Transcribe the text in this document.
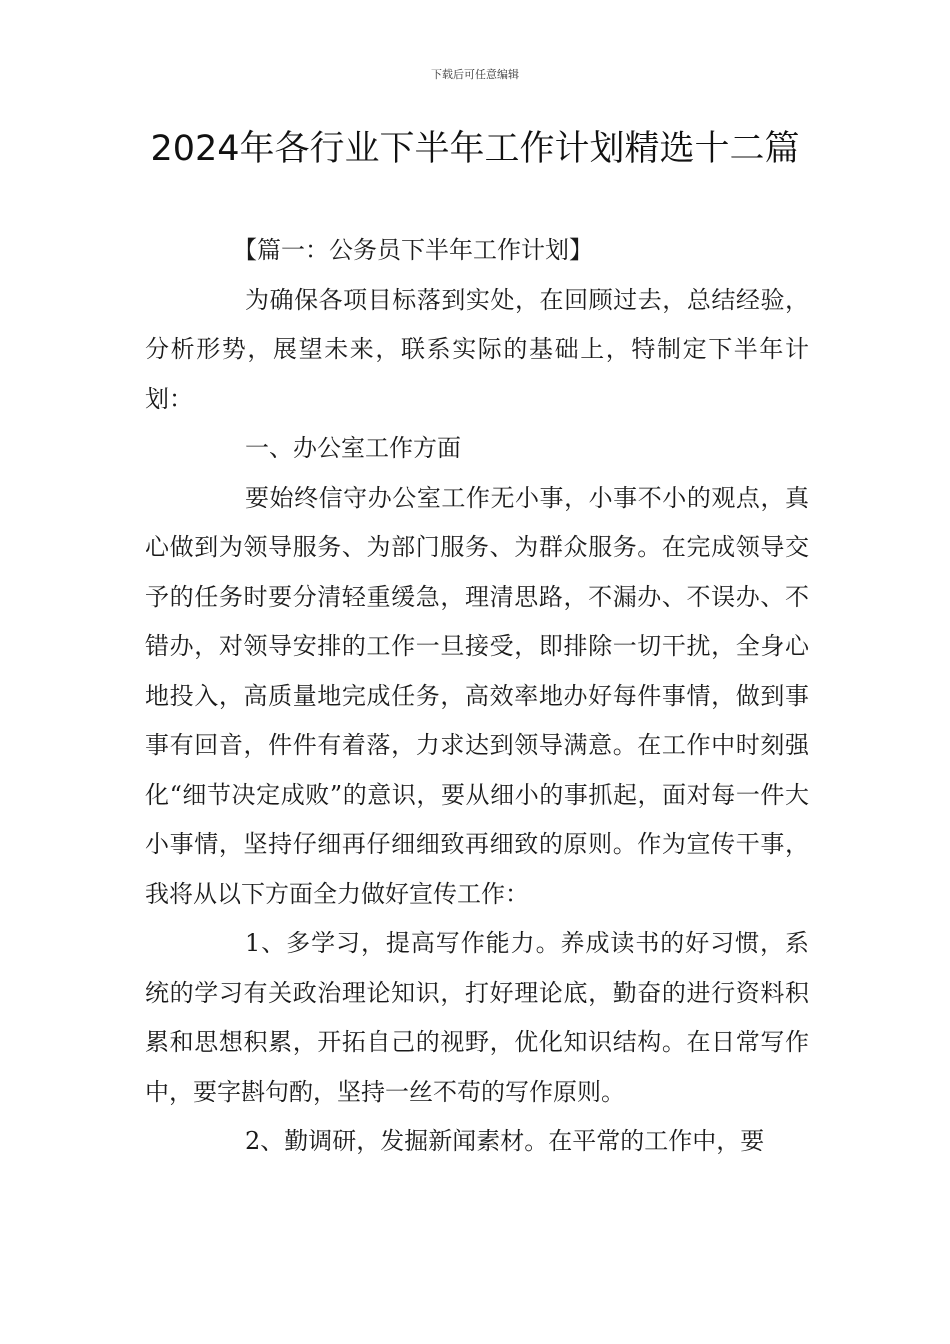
下载后可任意编辑
2024年各行业下半年工作计划精选十二篇

【篇一：公务员下半年工作计划】

为确保各项目标落到实处，在回顾过去，总结经验，分析形势，展望未来，联系实际的基础上，特制定下半年计划：

一、办公室工作方面

要始终信守办公室工作无小事，小事不小的观点，真心做到为领导服务、为部门服务、为群众服务。在完成领导交予的任务时要分清轻重缓急，理清思路，不漏办、不误办、不错办，对领导安排的工作一旦接受，即排除一切干扰，全身心地投入，高质量地完成任务，高效率地办好每件事情，做到事事有回音，件件有着落，力求达到领导满意。在工作中时刻强化“细节决定成败”的意识，要从细小的事抓起，面对每一件大小事情，坚持仔细再仔细细致再细致的原则。作为宣传干事，我将从以下方面全力做好宣传工作：

1、多学习，提高写作能力。养成读书的好习惯，系统的学习有关政治理论知识，打好理论底，勤奋的进行资料积累和思想积累，开拓自己的视野，优化知识结构。在日常写作中，要字斟句酌，坚持一丝不苟的写作原则。

2、勤调研，发掘新闻素材。在平常的工作中，要
